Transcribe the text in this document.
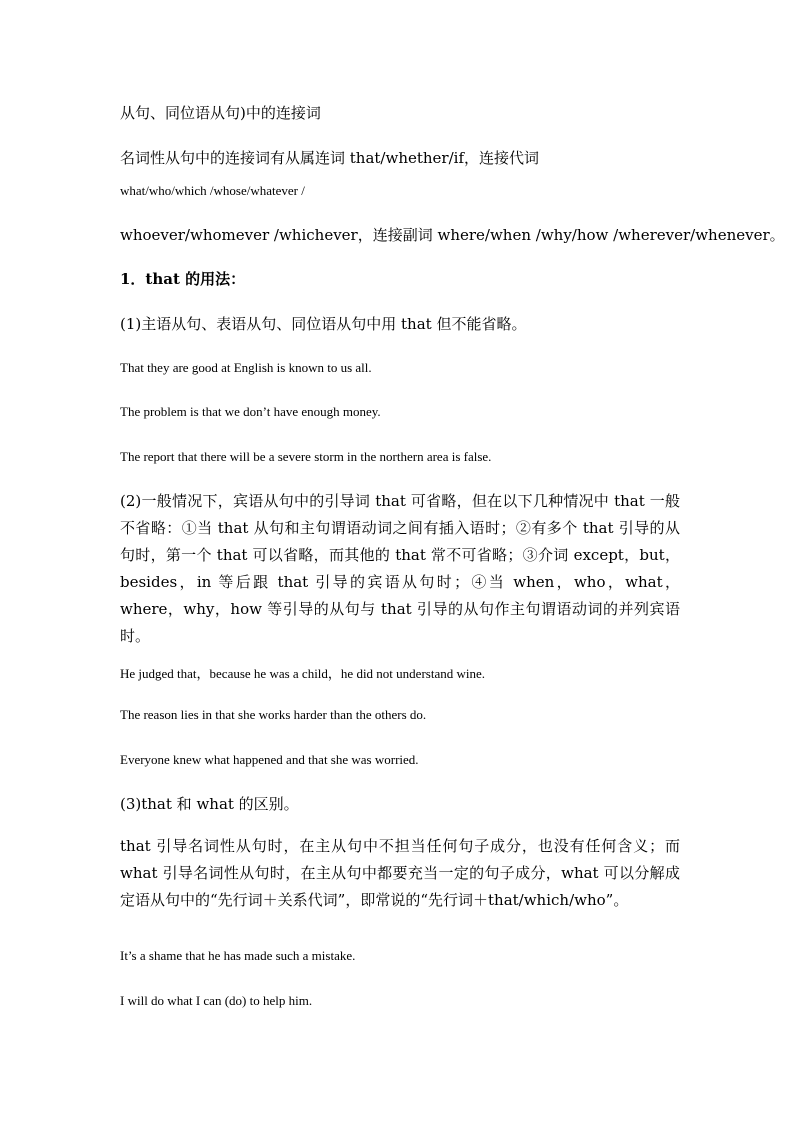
从句、同位语从句)中的连接词
名词性从句中的连接词有从属连词 that/whether/if，连接代词
what/who/which /whose/whatever /
whoever/whomever /whichever，连接副词 where/when /why/how /wherever/whenever。
1．that 的用法：
(1)主语从句、表语从句、同位语从句中用 that 但不能省略。
That they are good at English is known to us all.
The problem is that we don’t have enough money.
The report that there will be a severe storm in the northern area is false.
(2)一般情况下，宾语从句中的引导词 that 可省略，但在以下几种情况中 that 一般不省略：①当 that 从句和主句谓语动词之间有插入语时；②有多个 that 引导的从句时，第一个 that 可以省略，而其他的 that 常不可省略；③介词 except，but，besides，in 等后跟 that 引导的宾语从句时；④当 when，who，what，where，why，how 等引导的从句与 that 引导的从句作主句谓语动词的并列宾语时。
He judged that，because he was a child，he did not understand wine.
The reason lies in that she works harder than the others do.
Everyone knew what happened and that she was worried.
(3)that 和 what 的区别。
that 引导名词性从句时，在主从句中不担当任何句子成分，也没有任何含义；而 what 引导名词性从句时，在主从句中都要充当一定的句子成分，what 可以分解成定语从句中的“先行词＋关系代词”，即常说的“先行词＋that/which/who”。
It’s a shame that he has made such a mistake.
I will do what I can (do) to help him.
